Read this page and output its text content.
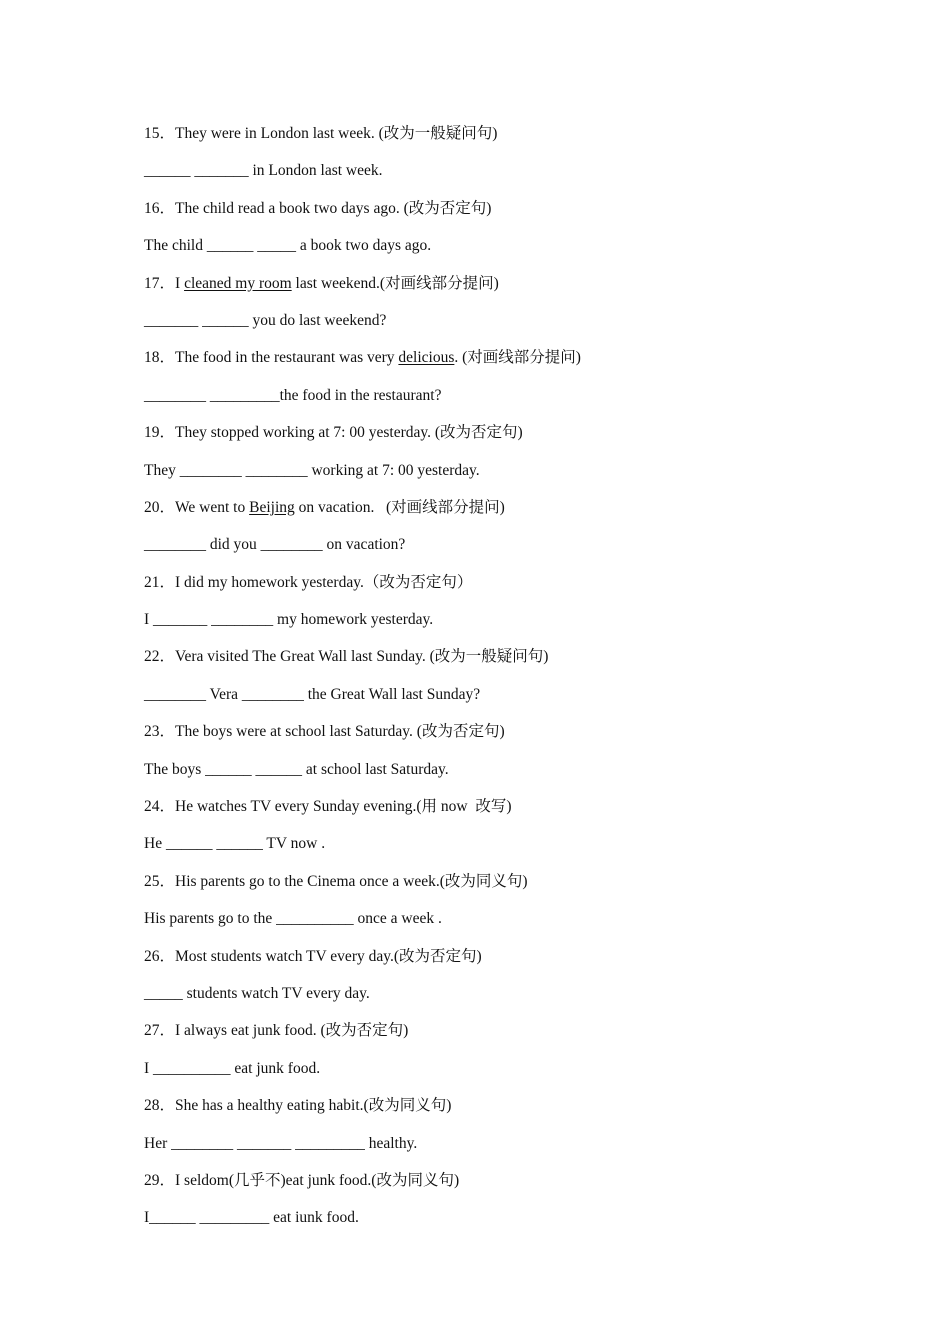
15．They were in London last week. (改为一般疑问句)
______ _______ in London last week.
16．The child read a book two days ago. (改为否定句)
The child ______ _____ a book two days ago.
17．I cleaned my room last weekend.(对画线部分提问)
_______ ______ you do last weekend?
18．The food in the restaurant was very delicious. (对画线部分提问)
________ _________the food in the restaurant?
19．They stopped working at 7: 00 yesterday. (改为否定句)
They ________ ________ working at 7: 00 yesterday.
20．We went to Beijing on vacation.   (对画线部分提问)
________ did you ________ on vacation?
21．I did my homework yesterday.（改为否定句）
I _______ ________ my homework yesterday.
22．Vera visited The Great Wall last Sunday. (改为一般疑问句)
________ Vera ________ the Great Wall last Sunday?
23．The boys were at school last Saturday. (改为否定句)
The boys ______ ______ at school last Saturday.
24．He watches TV every Sunday evening.(用 now  改写)
He ______ ______ TV now .
25．His parents go to the Cinema once a week.(改为同义句)
His parents go to the __________ once a week .
26．Most students watch TV every day.(改为否定句)
_____ students watch TV every day.
27．I always eat junk food. (改为否定句)
I __________ eat junk food.
28．She has a healthy eating habit.(改为同义句)
Her ________ _______ _________ healthy.
29．I seldom(几乎不)eat junk food.(改为同义句)
I______ _________ eat iunk food.
